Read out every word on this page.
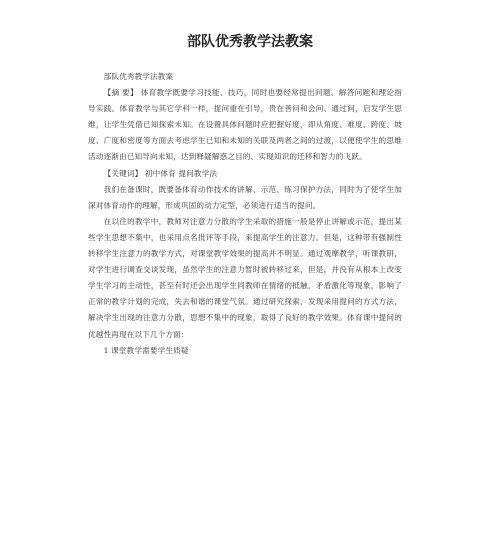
部队优秀教学法教案

部队优秀教学法教案

【摘 要】 体育教学既要学习技能、技巧，同时也要经常提出问题、解答问题和理论指导实践。体育教学与其它学科一样，提问重在引导，贵在善问和会问、通过问，启发学生思维，让学生凭借已知探索未知。在设置具体问题时应把握好度，即从角度、难度、跨度、坡度、广度和密度等方面去考虑学生已知和未知的关联及两者之间的过渡，以便使学生的思维活动逐渐由已知导向未知，达到释疑解惑之目的、实现知识的迁移和智力的飞跃。

【关键词】 初中体育 提问教学法

我们在备课时，既要备体育动作技术的讲解、示范、练习保护方法，同时为了使学生加深对体育动作的理解，形成巩固的动力定型，必须进行适当的提问。

在以往的教学中，教师对注意力分散的学生采取的措施一般是停止讲解或示范，提出某些学生思想不集中，也采用点名批评等手段，来提高学生的注意力。但是，这种带有强制性转移学生注意力的教学方式，对课堂教学效果的提高并不明显。通过观摩教学，听课教研，对学生进行调查交谈发现，虽然学生的注意力暂时被转移过来，但是，并没有从根本上改变学生学习的主动性，甚至有时还会出现学生同教师在情绪的抵触，矛盾激化等现象，影响了正常的教学计划的完成，失去和谐的课堂气氛。通过研究探索，发现采用提问的方式方法，解决学生出现的注意力分散，思想不集中的现象，取得了良好的教学效果。体育课中提问的优越性再现在以下几个方面：

1 课堂教学需要学生质疑
